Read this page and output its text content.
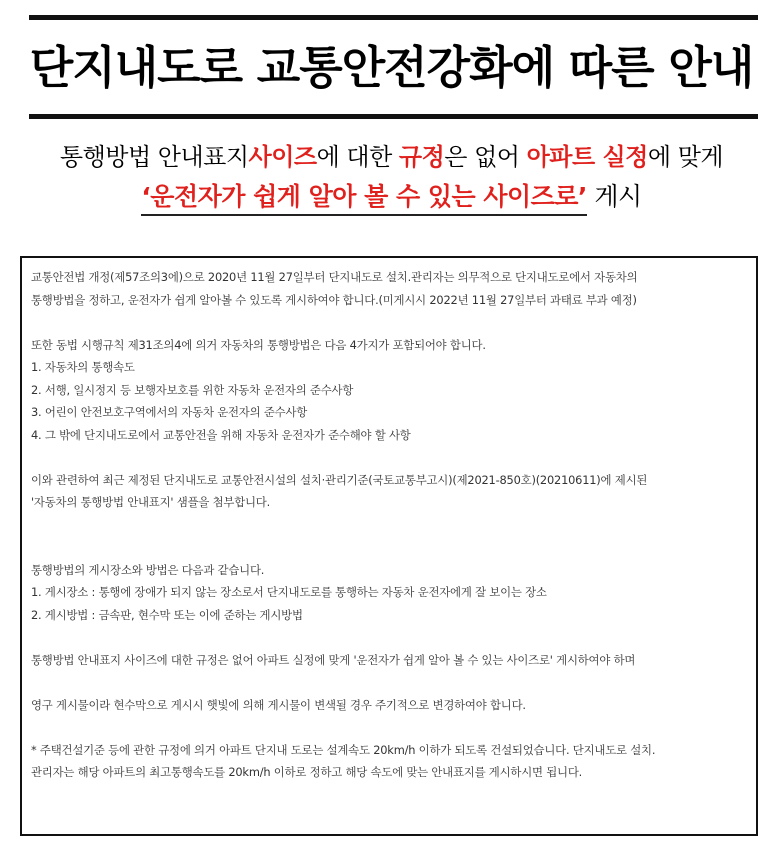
단지내도로 교통안전강화에 따른 안내
통행방법 안내표지사이즈에 대한 규정은 없어 아파트 실정에 맞게
‘운전자가 쉽게 알아 볼 수 있는 사이즈로’ 게시

교통안전법 개정(제57조의3에)으로 2020년 11월 27일부터 단지내도로 설치.관리자는 의무적으로 단지내도로에서 자동차의

통행방법을 정하고, 운전자가 쉽게 알아볼 수 있도록 게시하여야 합니다.(미게시시 2022년 11월 27일부터 과태료 부과 예정)

또한 동법 시행규칙 제31조의4에 의거 자동차의 통행방법은 다음 4가지가 포함되어야 합니다.

1. 자동차의 통행속도

2. 서행, 일시정지 등 보행자보호를 위한 자동차 운전자의 준수사항

3. 어린이 안전보호구역에서의 자동차 운전자의 준수사항

4. 그 밖에 단지내도로에서 교통안전을 위해 자동차 운전자가 준수해야 할 사항

이와 관련하여 최근 제정된 단지내도로 교통안전시설의 설치·관리기준(국토교통부고시)(제2021-850호)(20210611)에 제시된

'자동차의 통행방법 안내표지' 샘플을 첨부합니다.

통행방법의 게시장소와 방법은 다음과 같습니다.

1. 게시장소 : 통행에 장애가 되지 않는 장소로서 단지내도로를 통행하는 자동차 운전자에게 잘 보이는 장소

2. 게시방법 : 금속판, 현수막 또는 이에 준하는 게시방법

통행방법 안내표지 사이즈에 대한 규정은 없어 아파트 실정에 맞게 '운전자가 쉽게 알아 볼 수 있는 사이즈로' 게시하여야 하며

영구 게시물이라 현수막으로 게시시 햇빛에 의해 게시물이 변색될 경우 주기적으로 변경하여야 합니다.

* 주택건설기준 등에 관한 규정에 의거 아파트 단지내 도로는 설계속도 20km/h 이하가 되도록 건설되었습니다. 단지내도로 설치.

관리자는 해당 아파트의 최고통행속도를 20km/h 이하로 정하고 해당 속도에 맞는 안내표지를 게시하시면 됩니다.
